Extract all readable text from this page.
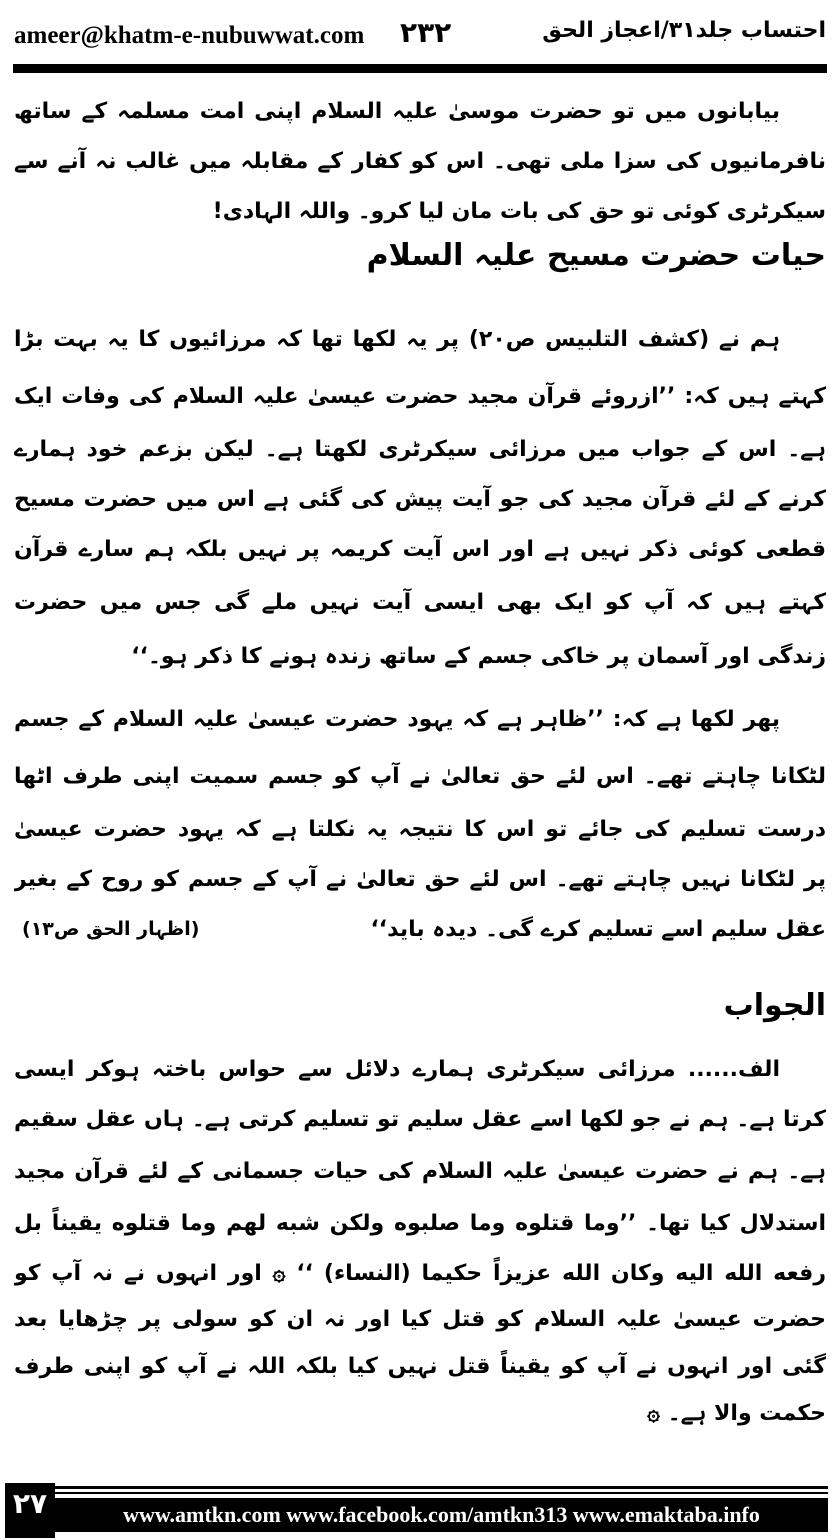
ameer@khatm-e-nubuwwat.com ۲۳۲	احتساب جلد۳۱/اعجاز الحق
بیابانوں میں تو حضرت موسیٰ علیہ السلام اپنی امت مسلمہ کے ساتھ
نافرمانیوں کی سزا ملی تھی۔ اس کو کفار کے مقابلہ میں غالب نہ آنے سے
سیکرٹری کوئی تو حق کی بات مان لیا کرو۔ واللہ الہادی!
حیات حضرت مسیح علیہ السلام
ہم نے (کشف التلبیس ص۲۰) پر یہ لکھا تھا کہ مرزائیوں کا یہ بہت بڑا
کہتے ہیں کہ: ’’ازروئے قرآن مجید حضرت عیسیٰ علیہ السلام کی وفات ایک
ہے۔ اس کے جواب میں مرزائی سیکرٹری لکھتا ہے۔ لیکن بزعم خود ہمارے
کرنے کے لئے قرآن مجید کی جو آیت پیش کی گئی ہے اس میں حضرت مسیح
قطعی کوئی ذکر نہیں ہے اور اس آیت کریمہ پر نہیں بلکہ ہم سارے قرآن
کہتے ہیں کہ آپ کو ایک بھی ایسی آیت نہیں ملے گی جس میں حضرت
زندگی اور آسمان پر خاکی جسم کے ساتھ زندہ ہونے کا ذکر ہو۔‘‘
پھر لکھا ہے کہ: ’’ظاہر ہے کہ یہود حضرت عیسیٰ علیہ السلام کے جسم
لٹکانا چاہتے تھے۔ اس لئے حق تعالیٰ نے آپ کو جسم سمیت اپنی طرف اٹھا
درست تسلیم کی جائے تو اس کا نتیجہ یہ نکلتا ہے کہ یہود حضرت عیسیٰ
پر لٹکانا نہیں چاہتے تھے۔ اس لئے حق تعالیٰ نے آپ کے جسم کو روح کے بغیر
عقل سلیم اسے تسلیم کرے گی۔ دیدہ باید‘‘
(اظہار الحق ص۱۳)
الجواب
الف...... مرزائی سیکرٹری ہمارے دلائل سے حواس باختہ ہوکر ایسی
کرتا ہے۔ ہم نے جو لکھا اسے عقل سلیم تو تسلیم کرتی ہے۔ ہاں عقل سقیم
ہے۔ ہم نے حضرت عیسیٰ علیہ السلام کی حیات جسمانی کے لئے قرآن مجید
استدلال کیا تھا۔ ’’وما قتلوه وما صلبوه ولكن شبه لهم وما قتلوه يقيناً بل
رفعه الله اليه وكان الله عزيزاً حكيما (النساء) ‘‘ ۞ اور انہوں نے نہ آپ کو
حضرت عیسیٰ علیہ السلام کو قتل کیا اور نہ ان کو سولی پر چڑھایا بعد
گئی اور انہوں نے آپ کو یقیناً قتل نہیں کیا بلکہ اللہ نے آپ کو اپنی طرف
حکمت والا ہے۔ ۞
۲۷	www.amtkn.com www.facebook.com/amtkn313 www.emaktaba.info
